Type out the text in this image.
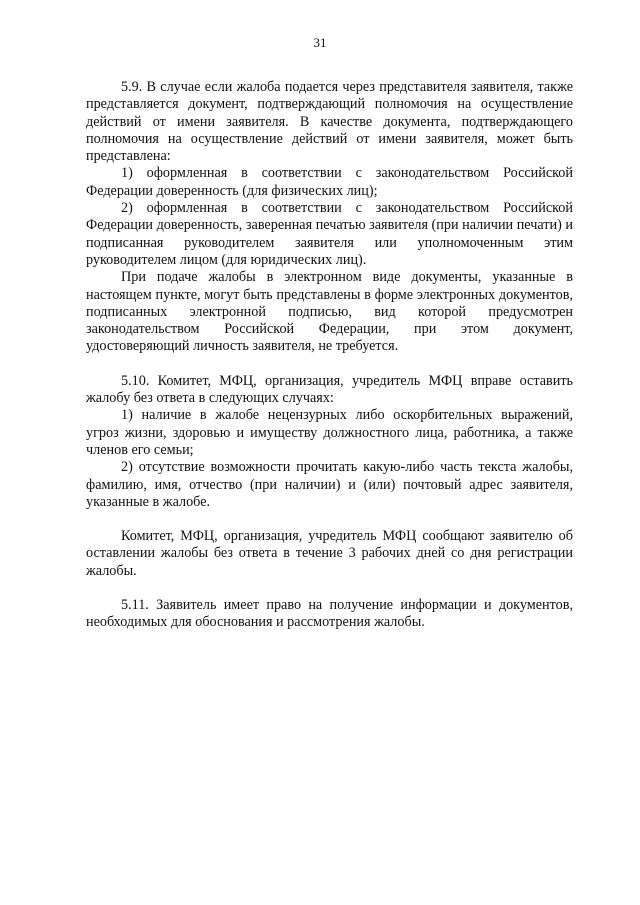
31

5.9. В случае если жалоба подается через представителя заявителя, также представляется документ, подтверждающий полномочия на осуществление действий от имени заявителя. В качестве документа, подтверждающего полномочия на осуществление действий от имени заявителя, может быть представлена:

1) оформленная в соответствии с законодательством Российской Федерации доверенность (для физических лиц);

2) оформленная в соответствии с законодательством Российской Федерации доверенность, заверенная печатью заявителя (при наличии печати) и подписанная руководителем заявителя или уполномоченным этим руководителем лицом (для юридических лиц).

При подаче жалобы в электронном виде документы, указанные в настоящем пункте, могут быть представлены в форме электронных документов, подписанных электронной подписью, вид которой предусмотрен законодательством Российской Федерации, при этом документ, удостоверяющий личность заявителя, не требуется.

5.10. Комитет, МФЦ, организация, учредитель МФЦ вправе оставить жалобу без ответа в следующих случаях:

1) наличие в жалобе нецензурных либо оскорбительных выражений, угроз жизни, здоровью и имуществу должностного лица, работника, а также членов его семьи;

2) отсутствие возможности прочитать какую-либо часть текста жалобы, фамилию, имя, отчество (при наличии) и (или) почтовый адрес заявителя, указанные в жалобе.

Комитет, МФЦ, организация, учредитель МФЦ сообщают заявителю об оставлении жалобы без ответа в течение 3 рабочих дней со дня регистрации жалобы.

5.11. Заявитель имеет право на получение информации и документов, необходимых для обоснования и рассмотрения жалобы.
